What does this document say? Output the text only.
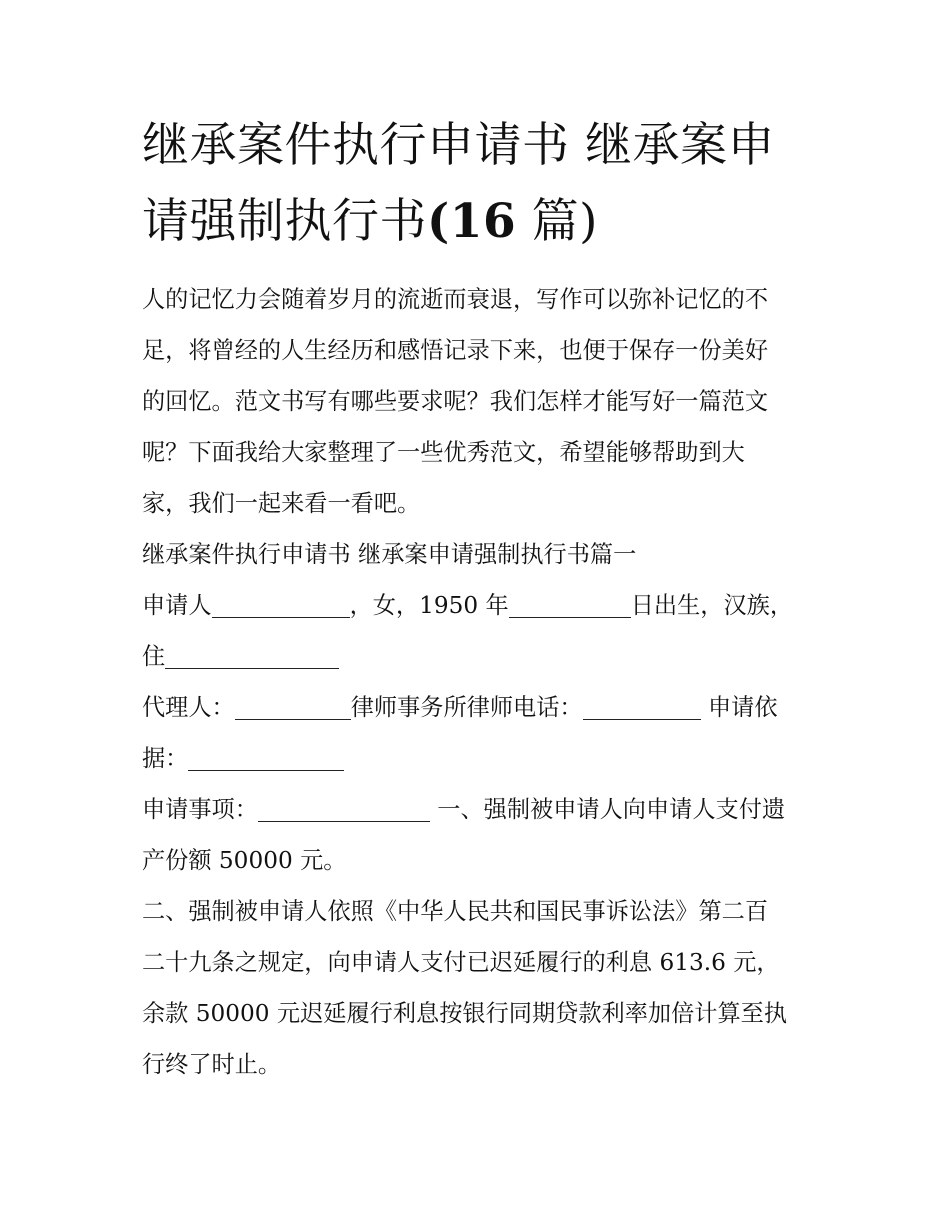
继承案件执行申请书 继承案申
请强制执行书(16 篇)

人的记忆力会随着岁月的流逝而衰退，写作可以弥补记忆的不

足，将曾经的人生经历和感悟记录下来，也便于保存一份美好

的回忆。范文书写有哪些要求呢？我们怎样才能写好一篇范文

呢？下面我给大家整理了一些优秀范文，希望能够帮助到大

家，我们一起来看一看吧。

继承案件执行申请书 继承案申请强制执行书篇一

申请人	，女，1950 年	日出生，汉族，

住

代理人：	律师事务所律师电话：	申请依

据：

申请事项：	一、强制被申请人向申请人支付遗

产份额 50000 元。

二、强制被申请人依照《中华人民共和国民事诉讼法》第二百

二十九条之规定，向申请人支付已迟延履行的利息 613.6 元，

余款 50000 元迟延履行利息按银行同期贷款利率加倍计算至执

行终了时止。
